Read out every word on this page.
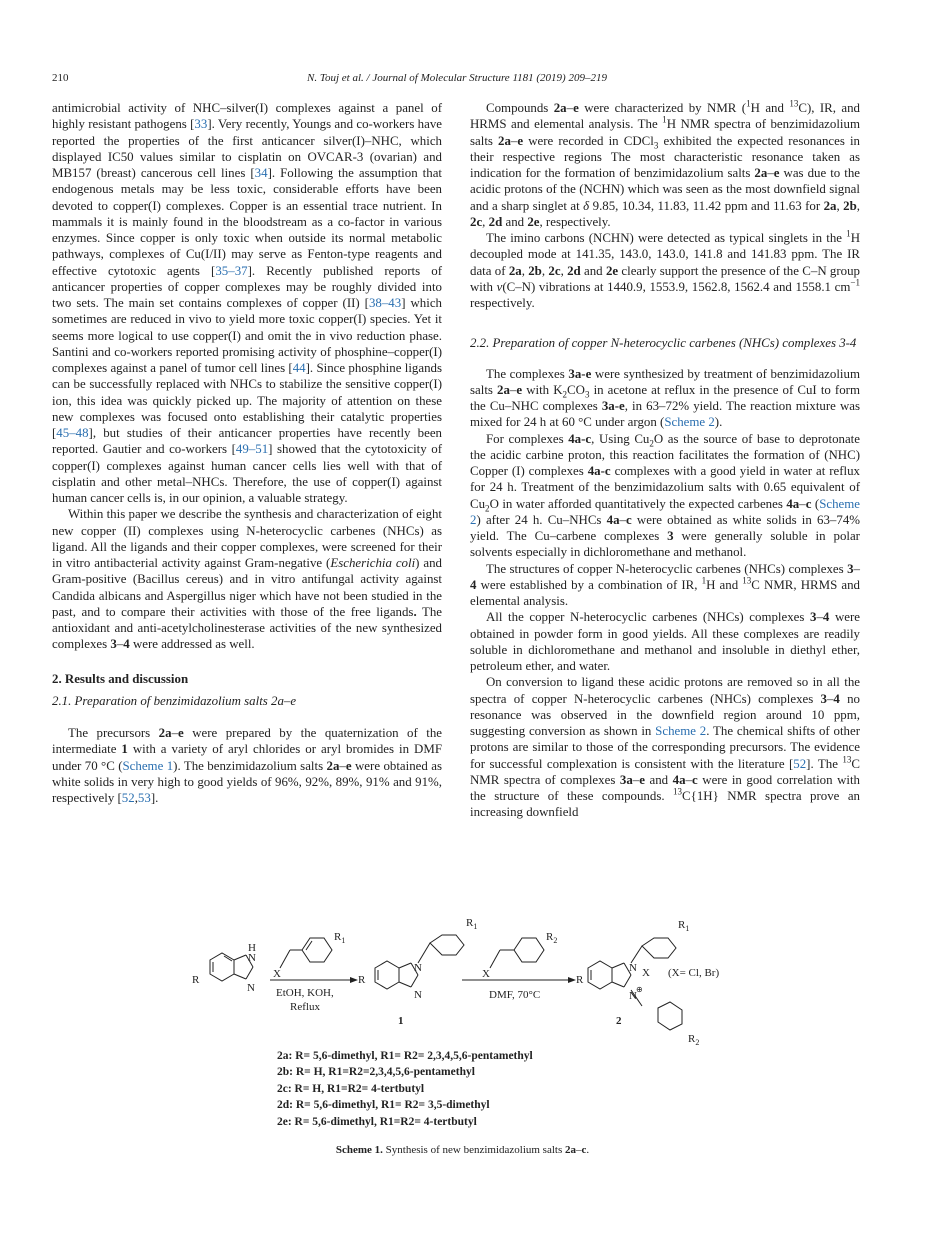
210	N. Touj et al. / Journal of Molecular Structure 1181 (2019) 209–219

antimicrobial activity of NHC–silver(I) complexes against a panel of highly resistant pathogens [33]. Very recently, Youngs and co-workers have reported the properties of the first anticancer silver(I)–NHC, which displayed IC50 values similar to cisplatin on OVCAR-3 (ovarian) and MB157 (breast) cancerous cell lines [34]. Following the assumption that endogenous metals may be less toxic, considerable efforts have been devoted to copper(I) complexes. Copper is an essential trace nutrient. In mammals it is mainly found in the bloodstream as a co-factor in various enzymes. Since copper is only toxic when outside its normal metabolic pathways, complexes of Cu(I/II) may serve as Fenton-type reagents and effective cytotoxic agents [35–37]. Recently published reports of anticancer properties of copper complexes may be roughly divided into two sets. The main set contains complexes of copper (II) [38–43] which sometimes are reduced in vivo to yield more toxic copper(I) species. Yet it seems more logical to use copper(I) and omit the in vivo reduction phase. Santini and co-workers reported promising activity of phosphine–copper(I) complexes against a panel of tumor cell lines [44]. Since phosphine ligands can be successfully replaced with NHCs to stabilize the sensitive copper(I) ion, this idea was quickly picked up. The majority of attention on these new complexes was focused onto establishing their catalytic properties [45–48], but studies of their anticancer properties have recently been reported. Gautier and co-workers [49–51] showed that the cytotoxicity of copper(I) complexes against human cancer cells lies well with that of cisplatin and other metal–NHCs. Therefore, the use of copper(I) against human cancer cells is, in our opinion, a valuable strategy.

Within this paper we describe the synthesis and characterization of eight new copper (II) complexes using N-heterocyclic carbenes (NHCs) as ligand. All the ligands and their copper complexes, were screened for their in vitro antibacterial activity against Gram-negative (Escherichia coli) and Gram-positive (Bacillus cereus) and in vitro antifungal activity against Candida albicans and Aspergillus niger which have not been studied in the past, and to compare their activities with those of the free ligands. The antioxidant and anti-acetylcholinesterase activities of the new synthesized complexes 3–4 were addressed as well.

2. Results and discussion
2.1. Preparation of benzimidazolium salts 2a–e

The precursors 2a–e were prepared by the quaternization of the intermediate 1 with a variety of aryl chlorides or aryl bromides in DMF under 70 °C (Scheme 1). The benzimidazolium salts 2a–e were obtained as white solids in very high to good yields of 96%, 92%, 89%, 91% and 91%, respectively [52,53].

Compounds 2a–e were characterized by NMR ($^1$H and $^{13}$C), IR, and HRMS and elemental analysis. The $^1$H NMR spectra of benzimidazolium salts 2a–e were recorded in CDCl$_3$ exhibited the expected resonances in their respective regions The most characteristic resonance taken as indication for the formation of benzimidazolium salts 2a–e was due to the acidic protons of the (NCHN) which was seen as the most downfield signal and a sharp singlet at δ 9.85, 10.34, 11.83, 11.42 ppm and 11.63 for 2a, 2b, 2c, 2d and 2e, respectively.

The imino carbons (NCHN) were detected as typical singlets in the $^1$H decoupled mode at 141.35, 143.0, 143.0, 141.8 and 141.83 ppm. The IR data of 2a, 2b, 2c, 2d and 2e clearly support the presence of the C–N group with ν(C–N) vibrations at 1440.9, 1553.9, 1562.8, 1562.4 and 1558.1 $cm^{-1}$ respectively.

2.2. Preparation of copper N-heterocyclic carbenes (NHCs) complexes 3-4

The complexes 3a-e were synthesized by treatment of benzimidazolium salts 2a–e with $K_2CO_3$ in acetone at reflux in the presence of CuI to form the Cu–NHC complexes 3a-e, in 63–72% yield. The reaction mixture was mixed for 24 h at 60 °C under argon (Scheme 2).

For complexes 4a-c, Using $Cu_2O$ as the source of base to deprotonate the acidic carbine proton, this reaction facilitates the formation of (NHC) Copper (I) complexes 4a-c complexes with a good yield in water at reflux for 24 h. Treatment of the benzimidazolium salts with 0.65 equivalent of $Cu_2O$ in water afforded quantitatively the expected carbenes 4a–c (Scheme 2) after 24 h. Cu–NHCs 4a–c were obtained as white solids in 63–74% yield. The Cu–carbene complexes 3 were generally soluble in polar solvents especially in dichloromethane and methanol.

The structures of copper N-heterocyclic carbenes (NHCs) complexes 3–4 were established by a combination of IR, $^1$H and $^{13}$C NMR, HRMS and elemental analysis.

All the copper N-heterocyclic carbenes (NHCs) complexes 3–4 were obtained in powder form in good yields. All these complexes are readily soluble in dichloromethane and methanol and insoluble in diethyl ether, petroleum ether, and water.

On conversion to ligand these acidic protons are removed so in all the spectra of copper N-heterocyclic carbenes (NHCs) complexes 3–4 no resonance was observed in the downfield region around 10 ppm, suggesting conversion as shown in Scheme 2. The chemical shifts of other protons are similar to those of the corresponding precursors. The evidence for successful complexation is consistent with the literature [52]. The $^{13}$C NMR spectra of complexes 3a–e and 4a–c were in good correlation with the structure of these compounds. $^{13}$C{1H} NMR spectra prove an increasing downfield

R
N
H
N
X
$R_1$
EtOH, KOH,
Reflux
R
N
N
$R_1$
1
X
$R_2$
DMF, 70°C
R
N
N
⊕
X (X= Cl, Br)
$R_1$
$R_2$
2
2a: R= 5,6-dimethyl, R1= R2= 2,3,4,5,6-pentamethyl
2b: R= H, R1=R2=2,3,4,5,6-pentamethyl
2c: R= H, R1=R2= 4-tertbutyl
2d: R= 5,6-dimethyl, R1= R2= 3,5-dimethyl
2e: R= 5,6-dimethyl, R1=R2= 4-tertbutyl
Scheme 1. Synthesis of new benzimidazolium salts 2a–c.
